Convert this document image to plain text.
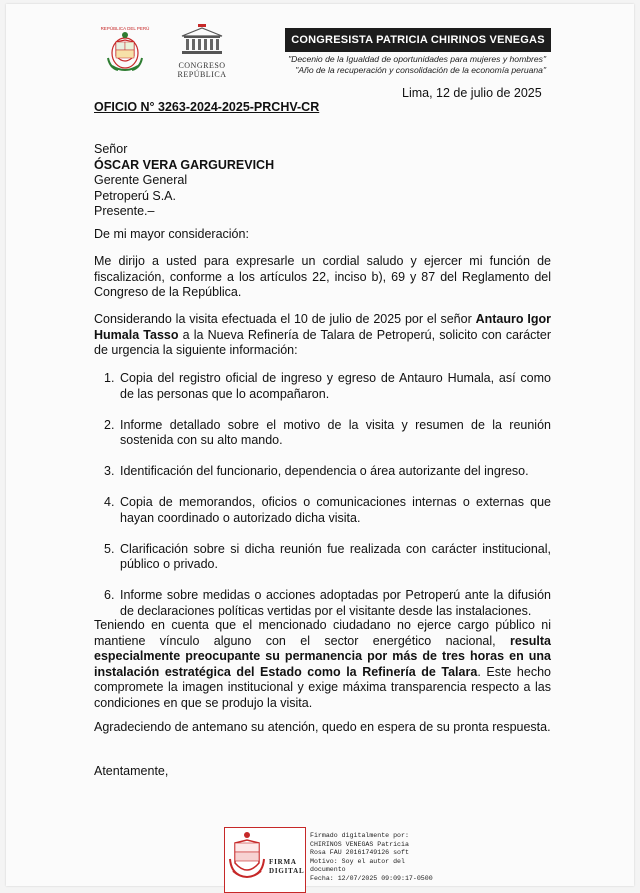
REPÚBLICA DEL PERÚ
CONGRESO
REPÚBLICA
CONGRESISTA PATRICIA CHIRINOS VENEGAS
"Decenio de la Igualdad de oportunidades para mujeres y hombres"
"Año de la recuperación y consolidación de la economía peruana"
Lima, 12 de julio de 2025
OFICIO N° 3263-2024-2025-PRCHV-CR
Señor
ÓSCAR VERA GARGUREVICH
Gerente General
Petroperú S.A.
Presente.–
De mi mayor consideración:
Me dirijo a usted para expresarle un cordial saludo y ejercer mi función de fiscalización, conforme a los artículos 22, inciso b), 69 y 87 del Reglamento del Congreso de la República.
Considerando la visita efectuada el 10 de julio de 2025 por el señor Antauro Igor Humala Tasso a la Nueva Refinería de Talara de Petroperú, solicito con carácter de urgencia la siguiente información:
1. Copia del registro oficial de ingreso y egreso de Antauro Humala, así como de las personas que lo acompañaron.
2. Informe detallado sobre el motivo de la visita y resumen de la reunión sostenida con su alto mando.
3. Identificación del funcionario, dependencia o área autorizante del ingreso.
4. Copia de memorandos, oficios o comunicaciones internas o externas que hayan coordinado o autorizado dicha visita.
5. Clarificación sobre si dicha reunión fue realizada con carácter institucional, público o privado.
6. Informe sobre medidas o acciones adoptadas por Petroperú ante la difusión de declaraciones políticas vertidas por el visitante desde las instalaciones.
Teniendo en cuenta que el mencionado ciudadano no ejerce cargo público ni mantiene vínculo alguno con el sector energético nacional, resulta especialmente preocupante su permanencia por más de tres horas en una instalación estratégica del Estado como la Refinería de Talara. Este hecho compromete la imagen institucional y exige máxima transparencia respecto a las condiciones en que se produjo la visita.
Agradeciendo de antemano su atención, quedo en espera de su pronta respuesta.
Atentamente,
FIRMA
DIGITAL
Firmado digitalmente por:
CHIRINOS VENEGAS Patricia
Rosa FAU 20161749126 soft
Motivo: Soy el autor del
documento
Fecha: 12/07/2025 09:09:17-0500
